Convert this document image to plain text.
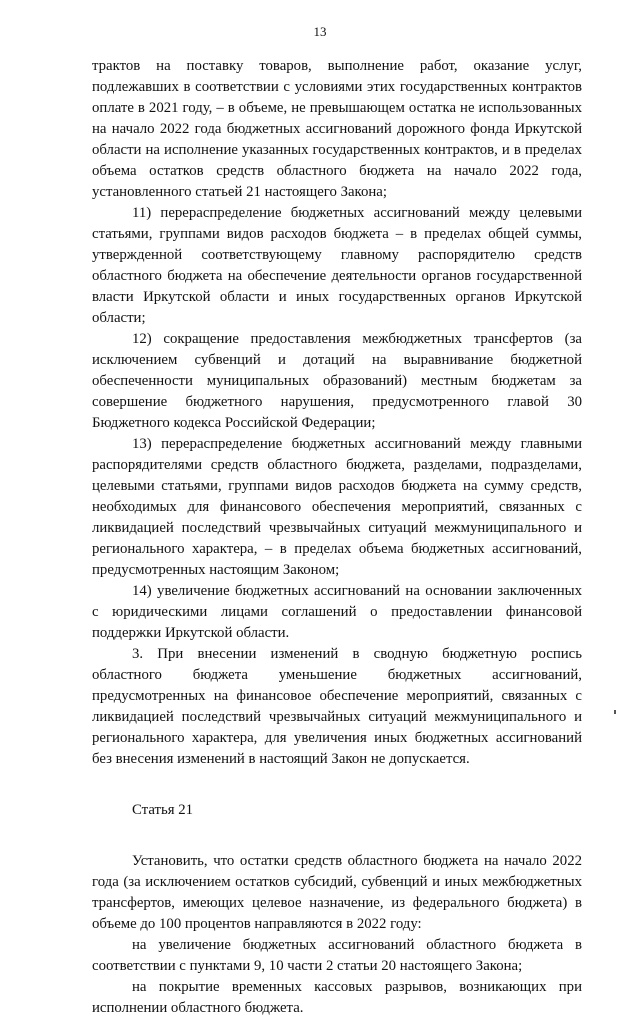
13

трактов на поставку товаров, выполнение работ, оказание услуг, подлежавших в соответствии с условиями этих государственных контрактов оплате в 2021 году, – в объеме, не превышающем остатка не использованных на начало 2022 года бюджетных ассигнований дорожного фонда Иркутской области на исполнение указанных государственных контрактов, и в пределах объема остатков средств областного бюджета на начало 2022 года, установленного статьей 21 настоящего Закона;

11) перераспределение бюджетных ассигнований между целевыми статьями, группами видов расходов бюджета – в пределах общей суммы, утвержденной соответствующему главному распорядителю средств областного бюджета на обеспечение деятельности органов государственной власти Иркутской области и иных государственных органов Иркутской области;

12) сокращение предоставления межбюджетных трансфертов (за исключением субвенций и дотаций на выравнивание бюджетной обеспеченности муниципальных образований) местным бюджетам за совершение бюджетного нарушения, предусмотренного главой 30 Бюджетного кодекса Российской Федерации;

13) перераспределение бюджетных ассигнований между главными распорядителями средств областного бюджета, разделами, подразделами, целевыми статьями, группами видов расходов бюджета на сумму средств, необходимых для финансового обеспечения мероприятий, связанных с ликвидацией последствий чрезвычайных ситуаций межмуниципального и регионального характера, – в пределах объема бюджетных ассигнований, предусмотренных настоящим Законом;

14) увеличение бюджетных ассигнований на основании заключенных с юридическими лицами соглашений о предоставлении финансовой поддержки Иркутской области.

3. При внесении изменений в сводную бюджетную роспись областного бюджета уменьшение бюджетных ассигнований, предусмотренных на финансовое обеспечение мероприятий, связанных с ликвидацией последствий чрезвычайных ситуаций межмуниципального и регионального характера, для увеличения иных бюджетных ассигнований без внесения изменений в настоящий Закон не допускается.

Статья 21

Установить, что остатки средств областного бюджета на начало 2022 года (за исключением остатков субсидий, субвенций и иных межбюджетных трансфертов, имеющих целевое назначение, из федерального бюджета) в объеме до 100 процентов направляются в 2022 году:

на увеличение бюджетных ассигнований областного бюджета в соответствии с пунктами 9, 10 части 2 статьи 20 настоящего Закона;

на покрытие временных кассовых разрывов, возникающих при исполнении областного бюджета.
